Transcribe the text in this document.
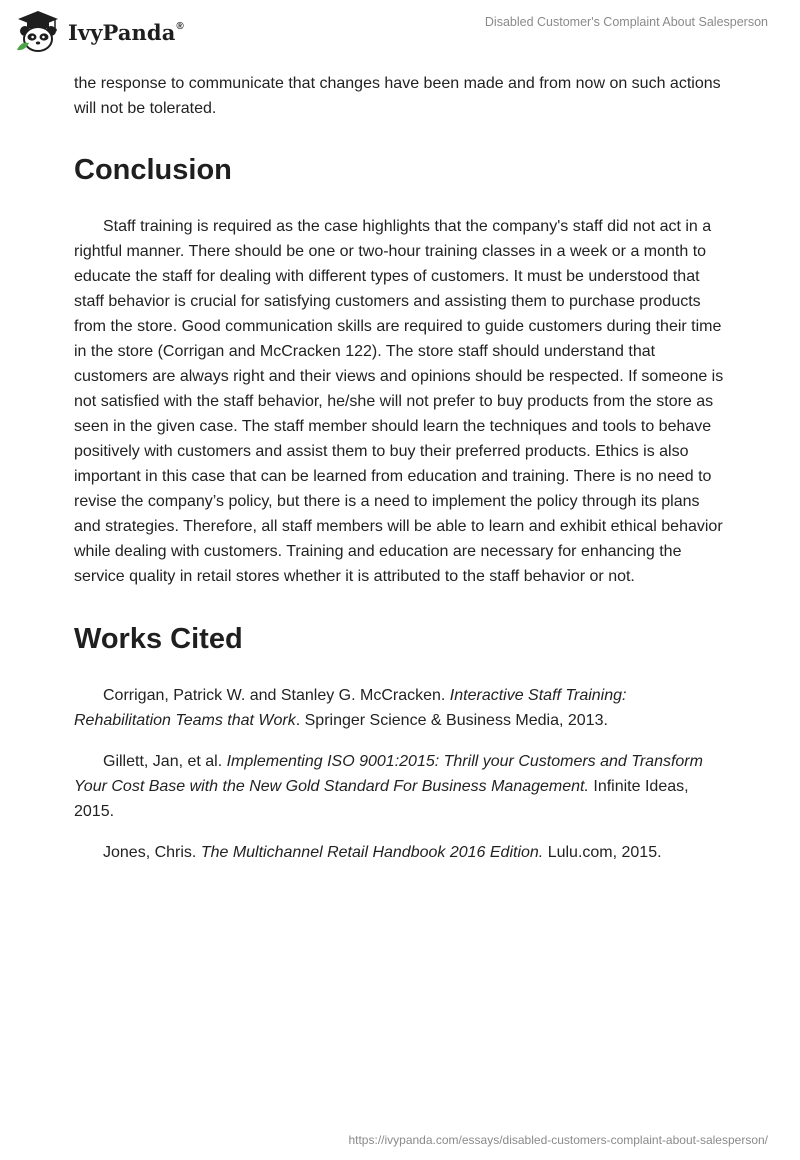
IvyPanda®	Disabled Customer's Complaint About Salesperson

the response to communicate that changes have been made and from now on such actions will not be tolerated.

Conclusion

Staff training is required as the case highlights that the company's staff did not act in a rightful manner. There should be one or two-hour training classes in a week or a month to educate the staff for dealing with different types of customers. It must be understood that staff behavior is crucial for satisfying customers and assisting them to purchase products from the store. Good communication skills are required to guide customers during their time in the store (Corrigan and McCracken 122). The store staff should understand that customers are always right and their views and opinions should be respected. If someone is not satisfied with the staff behavior, he/she will not prefer to buy products from the store as seen in the given case. The staff member should learn the techniques and tools to behave positively with customers and assist them to buy their preferred products. Ethics is also important in this case that can be learned from education and training. There is no need to revise the company’s policy, but there is a need to implement the policy through its plans and strategies. Therefore, all staff members will be able to learn and exhibit ethical behavior while dealing with customers. Training and education are necessary for enhancing the service quality in retail stores whether it is attributed to the staff behavior or not.

Works Cited

Corrigan, Patrick W. and Stanley G. McCracken. Interactive Staff Training: Rehabilitation Teams that Work. Springer Science & Business Media, 2013.

Gillett, Jan, et al. Implementing ISO 9001:2015: Thrill your Customers and Transform Your Cost Base with the New Gold Standard For Business Management. Infinite Ideas, 2015.

Jones, Chris. The Multichannel Retail Handbook 2016 Edition. Lulu.com, 2015.

https://ivypanda.com/essays/disabled-customers-complaint-about-salesperson/
